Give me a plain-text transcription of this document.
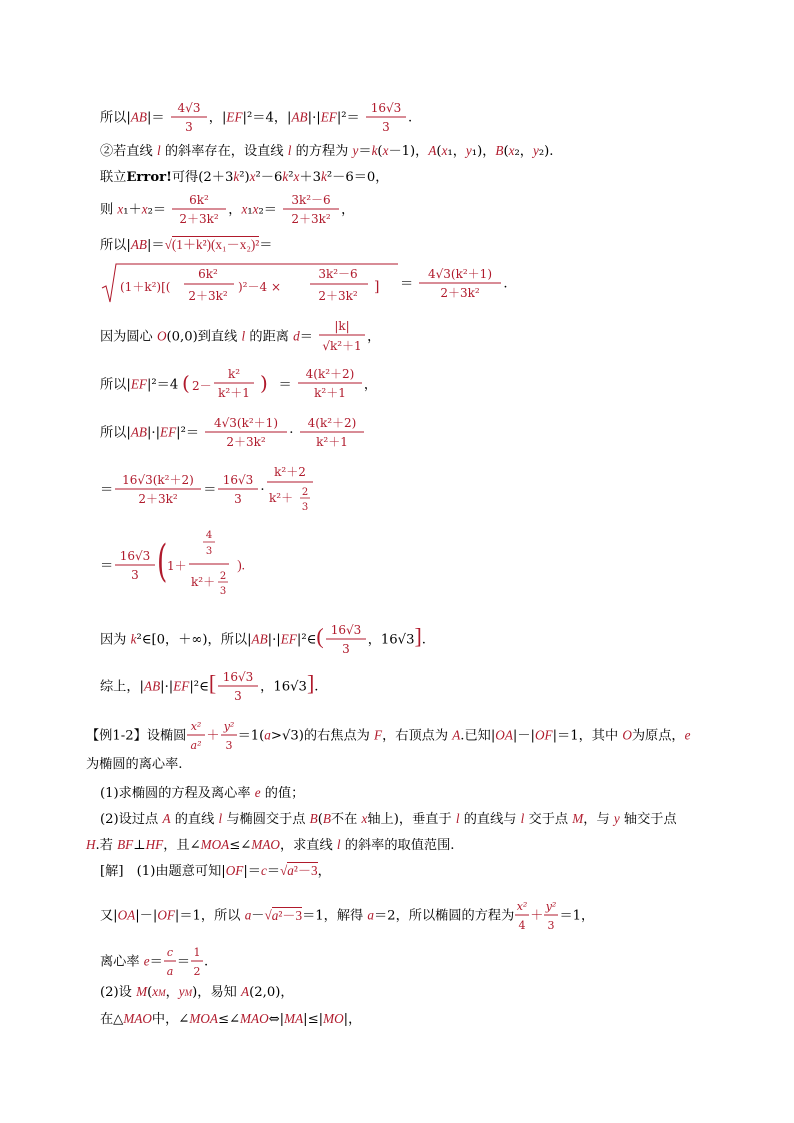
所以|AB|＝
4√3
3
，|EF|²＝4，|AB|·|EF|²＝
16√3
3
.
②若直线 l 的斜率存在，设直线 l 的方程为 y＝k(x－1)，A(x₁，y₁)，B(x₂，y₂).
联立Error!可得(2＋3k²)x²－6k²x＋3k²－6＝0，
则 x₁＋x₂＝
6k²
2＋3k²
，x₁x₂＝
3k²－6
2＋3k²
，
所以|AB|＝√(1＋k²)(x₁－x₂)²＝
(1＋k²)[(
6k²
2＋3k²
)²－4 ×
3k²－6
2＋3k²
] ＝
4√3(k²＋1)
2＋3k²
.
因为圆心 O(0,0)到直线 l 的距离 d＝
|k|
√k²＋1
，
所以|EF|²＝4 ( 2－
k²
k²＋1 ) ＝
4(k²＋2)
k²＋1
，
所以|AB|·|EF|²＝
4√3(k²＋1)
2＋3k²
·
4(k²＋2)
k²＋1
＝
16√3(k²＋2)
2＋3k²
＝
16√3
3
·
k²＋2
k²＋ 2
3
＝
16√3
3 ( 1＋
4
3
k²＋ 2
3
).
因为 k²∈[0，＋∞)，所以|AB|·|EF|²∈( 16√3
3
，16√3].
综上，|AB|·|EF|²∈[ 16√3
3
，16√3].
【例1-2】设椭圆
x²
a²
＋
y²
3
＝1(a>√3)的右焦点为 F，右顶点为 A.已知|OA|－|OF|＝1，其中 O为原点，e
为椭圆的离心率.
(1)求椭圆的方程及离心率 e 的值；
(2)设过点 A 的直线 l 与椭圆交于点 B(B不在 x轴上)，垂直于 l 的直线与 l 交于点 M，与 y 轴交于点
H.若 BF⊥HF，且∠MOA≤∠MAO，求直线 l 的斜率的取值范围.
[解]　(1)由题意可知|OF|＝c＝√a²－3，
又|OA|－|OF|＝1，所以 a－√a²－3＝1，解得 a＝2，所以椭圆的方程为
x²
4
＋
y²
3
＝1，
离心率 e＝
c
a
＝
1
2
.
(2)设 M(xM，yM)，易知 A(2,0)，
在△MAO中，∠MOA≤∠MAO⇔|MA|≤|MO|，
